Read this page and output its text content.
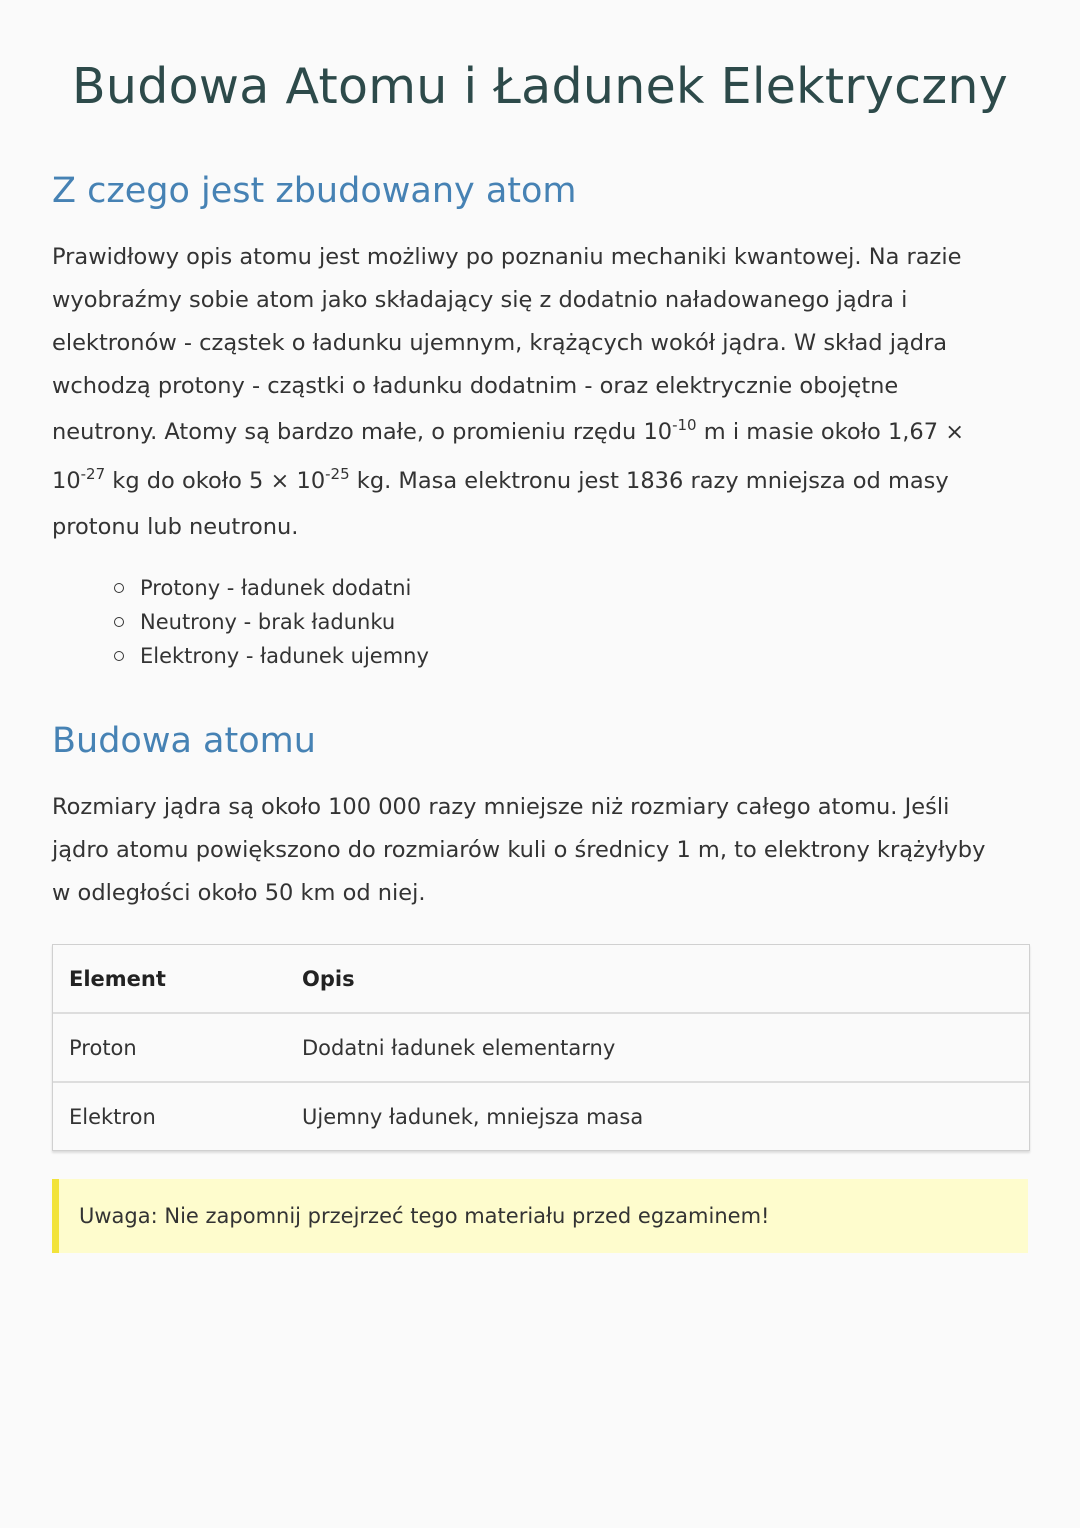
Budowa Atomu i Ładunek Elektryczny
Z czego jest zbudowany atom

Prawidłowy opis atomu jest możliwy po poznaniu mechaniki kwantowej. Na razie
wyobraźmy sobie atom jako składający się z dodatnio naładowanego jądra i
elektronów - cząstek o ładunku ujemnym, krążących wokół jądra. W skład jądra
wchodzą protony - cząstki o ładunku dodatnim - oraz elektrycznie obojętne
neutrony. Atomy są bardzo małe, o promieniu rzędu $10^{-10}$ m i masie około 1,67 ×
$10^{-27}$ kg do około $5 \times 10^{-25}$ kg. Masa elektronu jest 1836 razy mniejsza od masy
protonu lub neutronu.

Protony - ładunek dodatni
Neutrony - brak ładunku
Elektrony - ładunek ujemny
Budowa atomu

Rozmiary jądra są około 100 000 razy mniejsze niż rozmiary całego atomu. Jeśli
jądro atomu powiększono do rozmiarów kuli o średnicy 1 m, to elektrony krążyłyby
w odległości około 50 km od niej.

Element	Opis
Proton	Dodatni ładunek elementarny
Elektron	Ujemny ładunek, mniejsza masa
Uwaga: Nie zapomnij przejrzeć tego materiału przed egzaminem!
